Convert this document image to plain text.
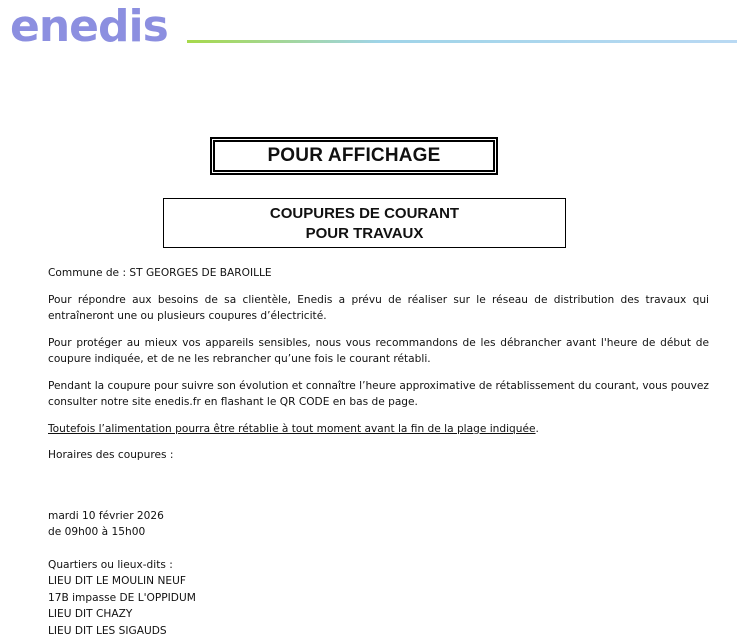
enedis
POUR AFFICHAGE
COUPURES DE COURANT
POUR TRAVAUX

Commune de : ST GEORGES DE BAROILLE

Pour répondre aux besoins de sa clientèle, Enedis a prévu de réaliser sur le réseau de distribution des travaux qui entraîneront une ou plusieurs coupures d’électricité.

Pour protéger au mieux vos appareils sensibles, nous vous recommandons de les débrancher avant l'heure de début de coupure indiquée, et de ne les rebrancher qu’une fois le courant rétabli.

Pendant la coupure pour suivre son évolution et connaître l’heure approximative de rétablissement du courant, vous pouvez consulter notre site enedis.fr en flashant le QR CODE en bas de page.

Toutefois l’alimentation pourra être rétablie à tout moment avant la fin de la plage indiquée.

Horaires des coupures :

mardi 10 février 2026
de 09h00 à 15h00
Quartiers ou lieux-dits :
LIEU DIT LE MOULIN NEUF
17B impasse DE L'OPPIDUM
LIEU DIT CHAZY
LIEU DIT LES SIGAUDS
